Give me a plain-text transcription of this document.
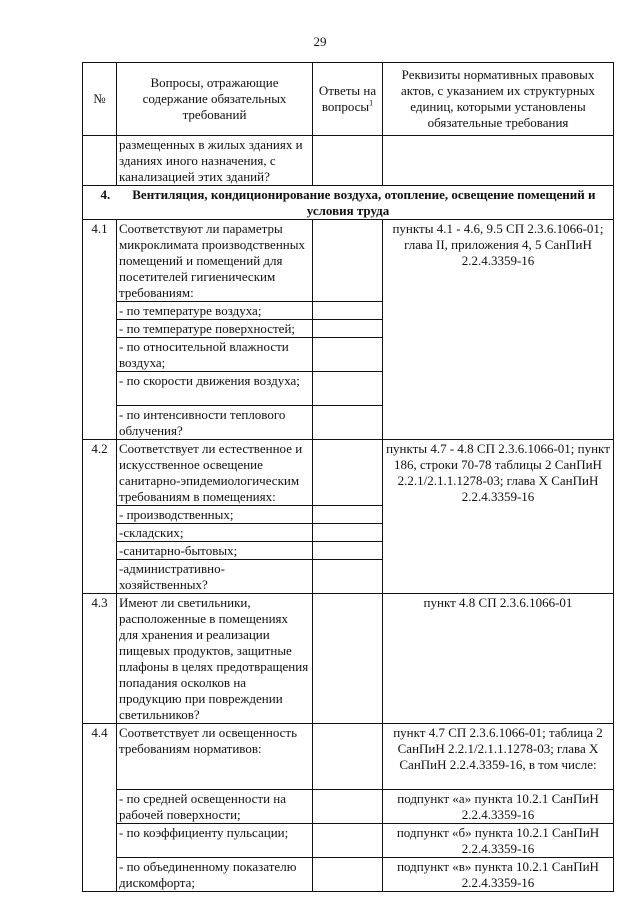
29
№	Вопросы, отражающие содержание обязательных требований	Ответы на вопросы$^1$	Реквизиты нормативных правовых актов, с указанием их структурных единиц, которыми установлены обязательные требования
	размещенных в жилых зданиях и зданиях иного назначения, с канализацией этих зданий?		
4. Вентиляция, кондиционирование воздуха, отопление, освещение помещений и условия труда			
4.1	Соответствуют ли параметры микроклимата производственных помещений и помещений для посетителей гигиеническим требованиям:		пункты 4.1 - 4.6, 9.5 СП 2.3.6.1066-01; глава II, приложения 4, 5 СанПиН 2.2.4.3359-16
	- по температуре воздуха;		
	- по температуре поверхностей;		
	- по относительной влажности воздуха;		
	- по скорости движения воздуха;		
	- по интенсивности теплового облучения?		
4.2	Соответствует ли естественное и искусственное освещение санитарно-эпидемиологическим требованиям в помещениях:		пункты 4.7 - 4.8 СП 2.3.6.1066-01; пункт 186, строки 70-78 таблицы 2 СанПиН 2.2.1/2.1.1.1278-03; глава X СанПиН 2.2.4.3359-16
	- производственных;		
	-складских;		
	-санитарно-бытовых;		
	-административно-хозяйственных?		
4.3	Имеют ли светильники, расположенные в помещениях для хранения и реализации пищевых продуктов, защитные плафоны в целях предотвращения попадания осколков на продукцию при повреждении светильников?		пункт 4.8 СП 2.3.6.1066-01
4.4	Соответствует ли освещенность требованиям нормативов:		пункт 4.7 СП 2.3.6.1066-01; таблица 2 СанПиН 2.2.1/2.1.1.1278-03; глава X СанПиН 2.2.4.3359-16, в том числе:
	- по средней освещенности на рабочей поверхности;		подпункт «а» пункта 10.2.1 СанПиН 2.2.4.3359-16
	- по коэффициенту пульсации;		подпункт «б» пункта 10.2.1 СанПиН 2.2.4.3359-16
	- по объединенному показателю дискомфорта;		подпункт «в» пункта 10.2.1 СанПиН 2.2.4.3359-16
